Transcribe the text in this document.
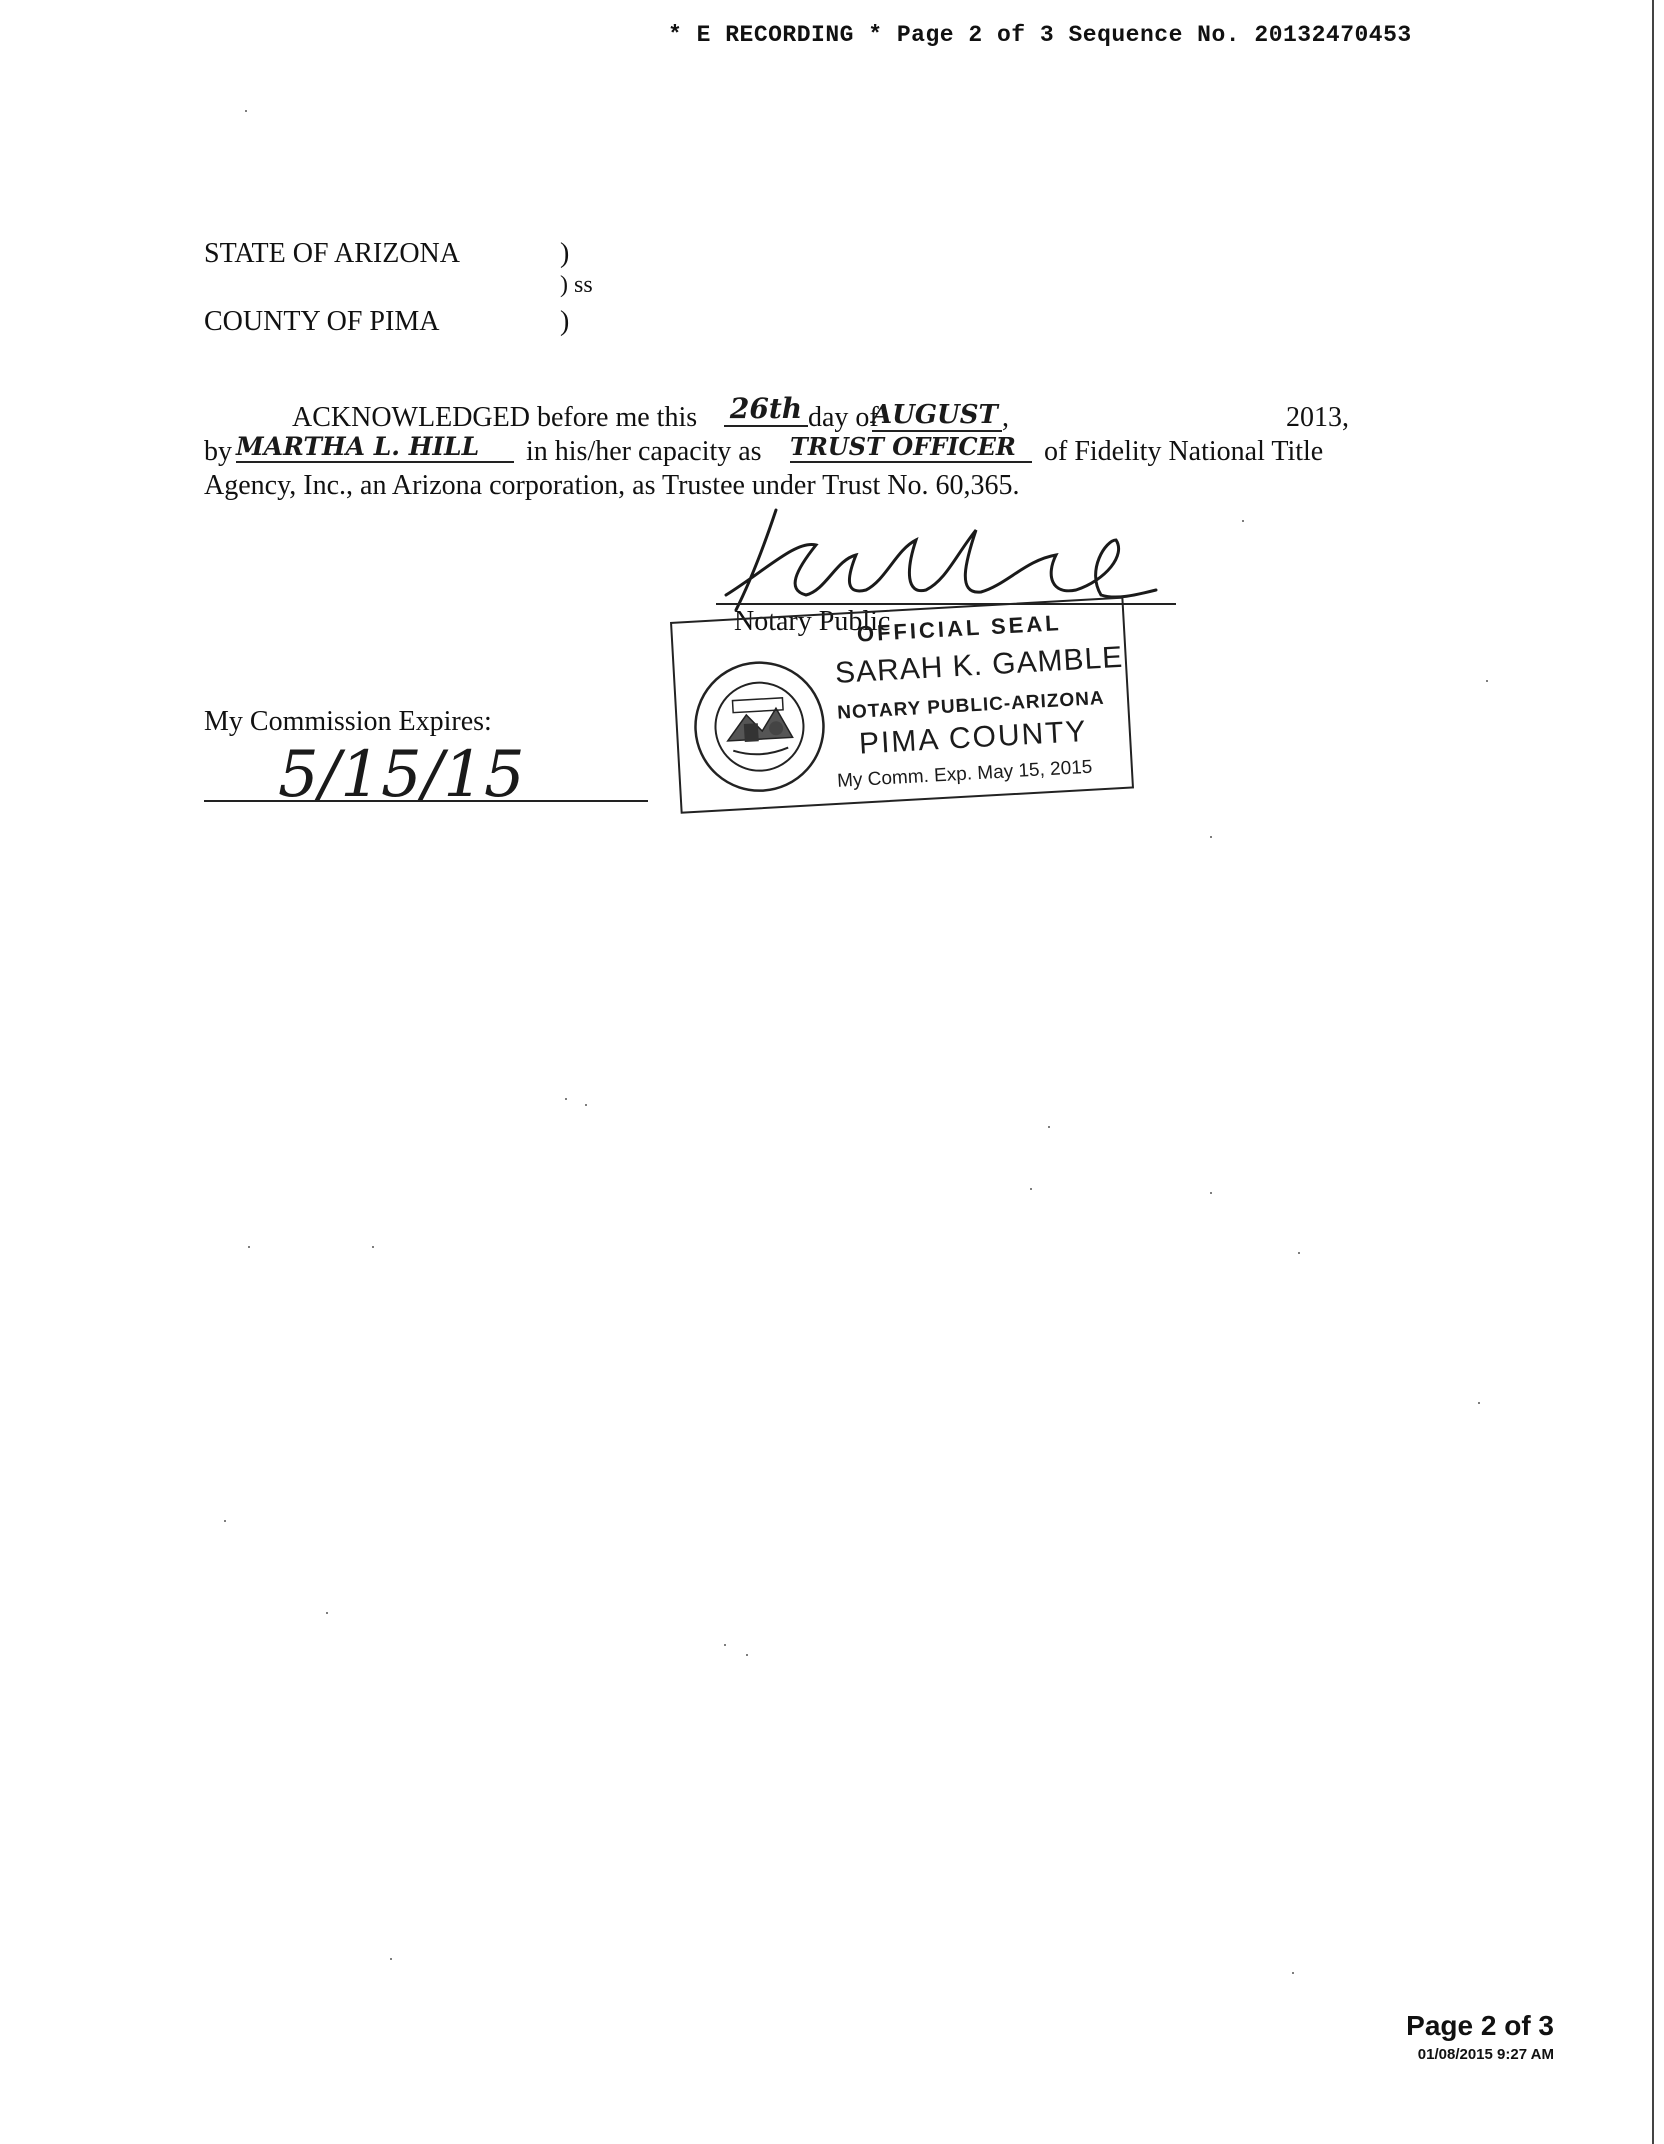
* E RECORDING * Page 2 of 3 Sequence No. 20132470453
STATE OF ARIZONA	)
) ss
COUNTY OF PIMA	)
ACKNOWLEDGED before me this 26th day of
AUGUST ,	2013,
by MARTHA L. HILL	in his/her capacity as TRUST OFFICER	of Fidelity National Title
Agency, Inc., an Arizona corporation, as Trustee under Trust No. 60,365.
Notary Public
My Commission Expires:
5/15/15
OFFICIAL SEAL
SARAH K. GAMBLE
NOTARY PUBLIC-ARIZONA
PIMA COUNTY
My Comm. Exp. May 15, 2015
Page 2 of 3
01/08/2015 9:27 AM
